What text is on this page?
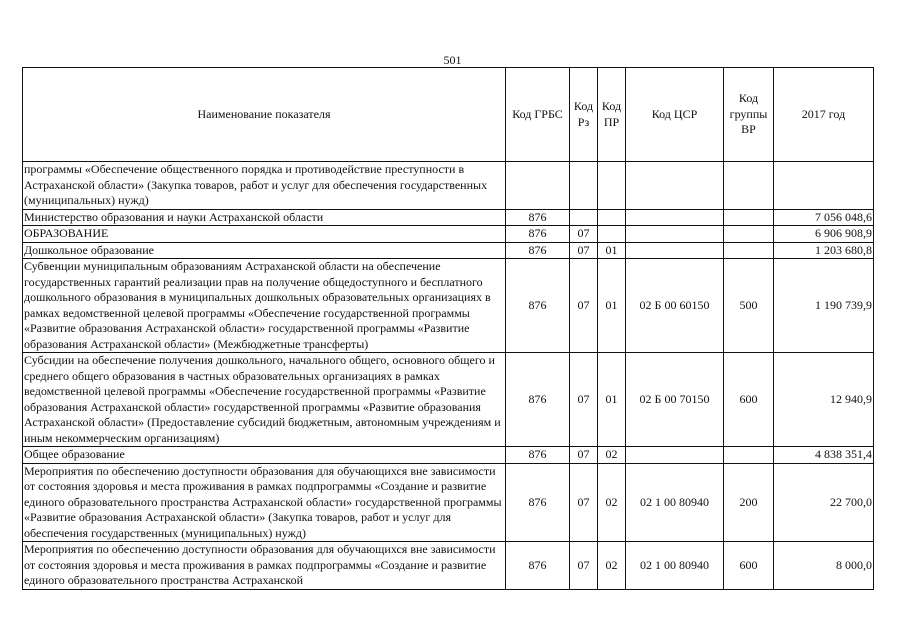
501
Наименование показателя	Код ГРБС	Код Рз	Код ПР	Код ЦСР	Код группы ВР	2017 год
программы «Обеспечение общественного порядка и противодействие преступности в Астраханской области» (Закупка товаров, работ и услуг для обеспечения государственных (муниципальных) нужд)						
Министерство образования и науки Астраханской области	876					7 056 048,6
ОБРАЗОВАНИЕ	876	07				6 906 908,9
Дошкольное образование	876	07	01			1 203 680,8
Субвенции муниципальным образованиям Астраханской области на обеспечение государственных гарантий реализации прав на получение общедоступного и бесплатного дошкольного образования в муниципальных дошкольных образовательных организациях в рамках ведомственной целевой программы «Обеспечение государственной программы «Развитие образования Астраханской области» государственной программы «Развитие образования Астраханской области» (Межбюджетные трансферты)	876	07	01	02 Б 00 60150	500	1 190 739,9
Субсидии на обеспечение получения дошкольного, начального общего, основного общего и среднего общего образования в частных образовательных организациях в рамках ведомственной целевой программы «Обеспечение государственной программы «Развитие образования Астраханской области» государственной программы «Развитие образования Астраханской области» (Предоставление субсидий бюджетным, автономным учреждениям и иным некоммерческим организациям)	876	07	01	02 Б 00 70150	600	12 940,9
Общее образование	876	07	02			4 838 351,4
Мероприятия по обеспечению доступности образования для обучающихся вне зависимости от состояния здоровья и места проживания в рамках подпрограммы «Создание и развитие единого образовательного пространства Астраханской области» государственной программы «Развитие образования Астраханской области» (Закупка товаров, работ и услуг для обеспечения государственных (муниципальных) нужд)	876	07	02	02 1 00 80940	200	22 700,0
Мероприятия по обеспечению доступности образования для обучающихся вне зависимости от состояния здоровья и места проживания в рамках подпрограммы «Создание и развитие единого образовательного пространства Астраханской	876	07	02	02 1 00 80940	600	8 000,0
